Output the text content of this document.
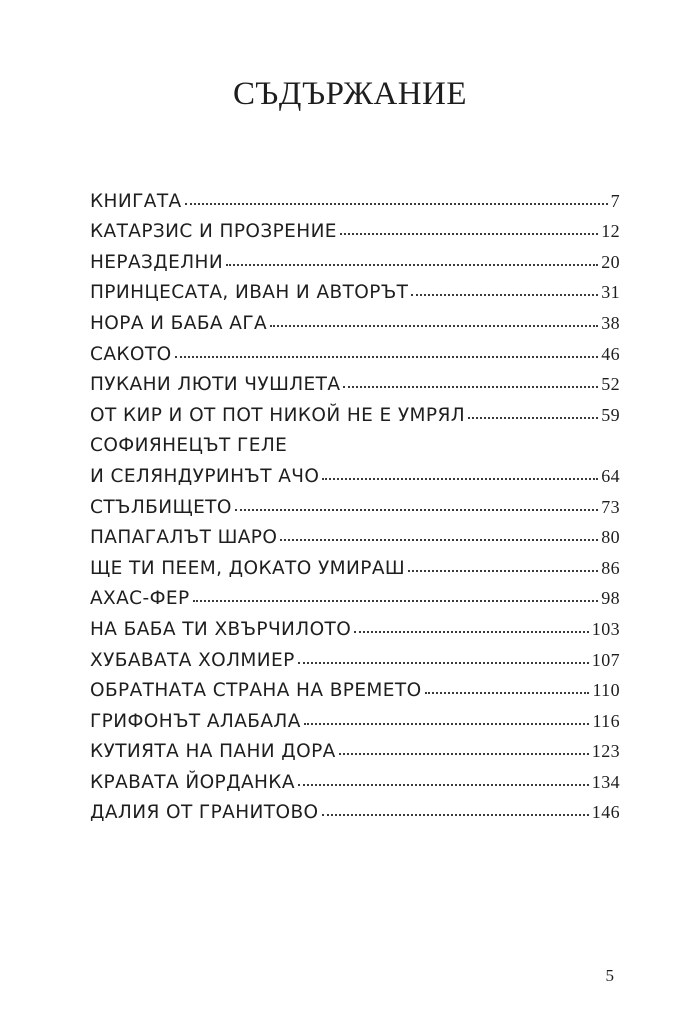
СЪДЪРЖАНИЕ
КНИГАТА	7
КАТАРЗИС И ПРОЗРЕНИЕ	12
НЕРАЗДЕЛНИ	20
ПРИНЦЕСАТА, ИВАН И АВТОРЪТ	31
НОРА И БАБА АГА	38
САКОТО	46
ПУКАНИ ЛЮТИ ЧУШЛЕТА	52
ОТ КИР И ОТ ПОТ НИКОЙ НЕ Е УМРЯЛ	59
СОФИЯНЕЦЪТ ГЕЛЕ
И СЕЛЯНДУРИНЪТ АЧО	64
СТЪЛБИЩЕТО	73
ПАПАГАЛЪТ ШАРО	80
ЩЕ ТИ ПЕЕМ, ДОКАТО УМИРАШ	86
АХАС-ФЕР	98
НА БАБА ТИ ХВЪРЧИЛОТО	103
ХУБАВАТА ХОЛМИЕР	107
ОБРАТНАТА СТРАНА НА ВРЕМЕТО	110
ГРИФОНЪТ АЛАБАЛА	116
КУТИЯТА НА ПАНИ ДОРА	123
КРАВАТА ЙОРДАНКА	134
ДАЛИЯ ОТ ГРАНИТОВО	146
5
